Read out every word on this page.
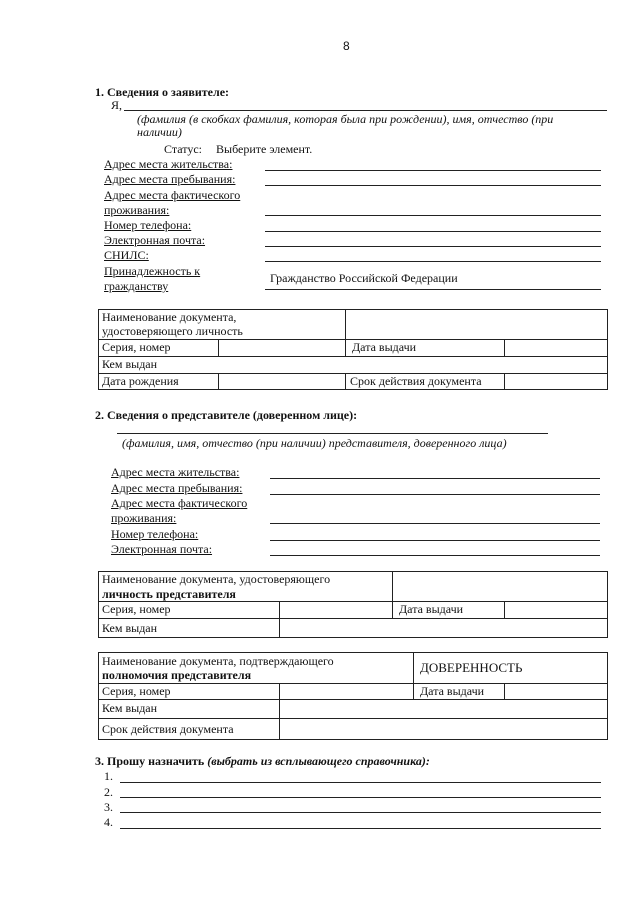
8
1. Сведения о заявителе:
Я,
(фамилия (в скобках фамилия, которая была при рождении), имя, отчество (при наличии)
Статус: Выберите элемент.
Адрес места жительства:
Адрес места пребывания:
Адрес места фактического
проживания:
Номер телефона:
Электронная почта:
СНИЛС:
Принадлежность к
гражданству
Гражданство Российской Федерации
Наименование документа,
удостоверяющего личность
Серия, номер	Дата выдачи
Кем выдан
Дата рождения	Срок действия документа
2. Сведения о представителе (доверенном лице):
(фамилия, имя, отчество (при наличии) представителя, доверенного лица)
Адрес места жительства:
Адрес места пребывания:
Адрес места фактического
проживания:
Номер телефона:
Электронная почта:
Наименование документа, удостоверяющего
личность представителя
Серия, номер	Дата выдачи
Кем выдан
Наименование документа, подтверждающего
полномочия представителя	ДОВЕРЕННОСТЬ
Серия, номер	Дата выдачи
Кем выдан
Срок действия документа
3. Прошу назначить (выбрать из всплывающего справочника):
1.
2.
3.
4.
